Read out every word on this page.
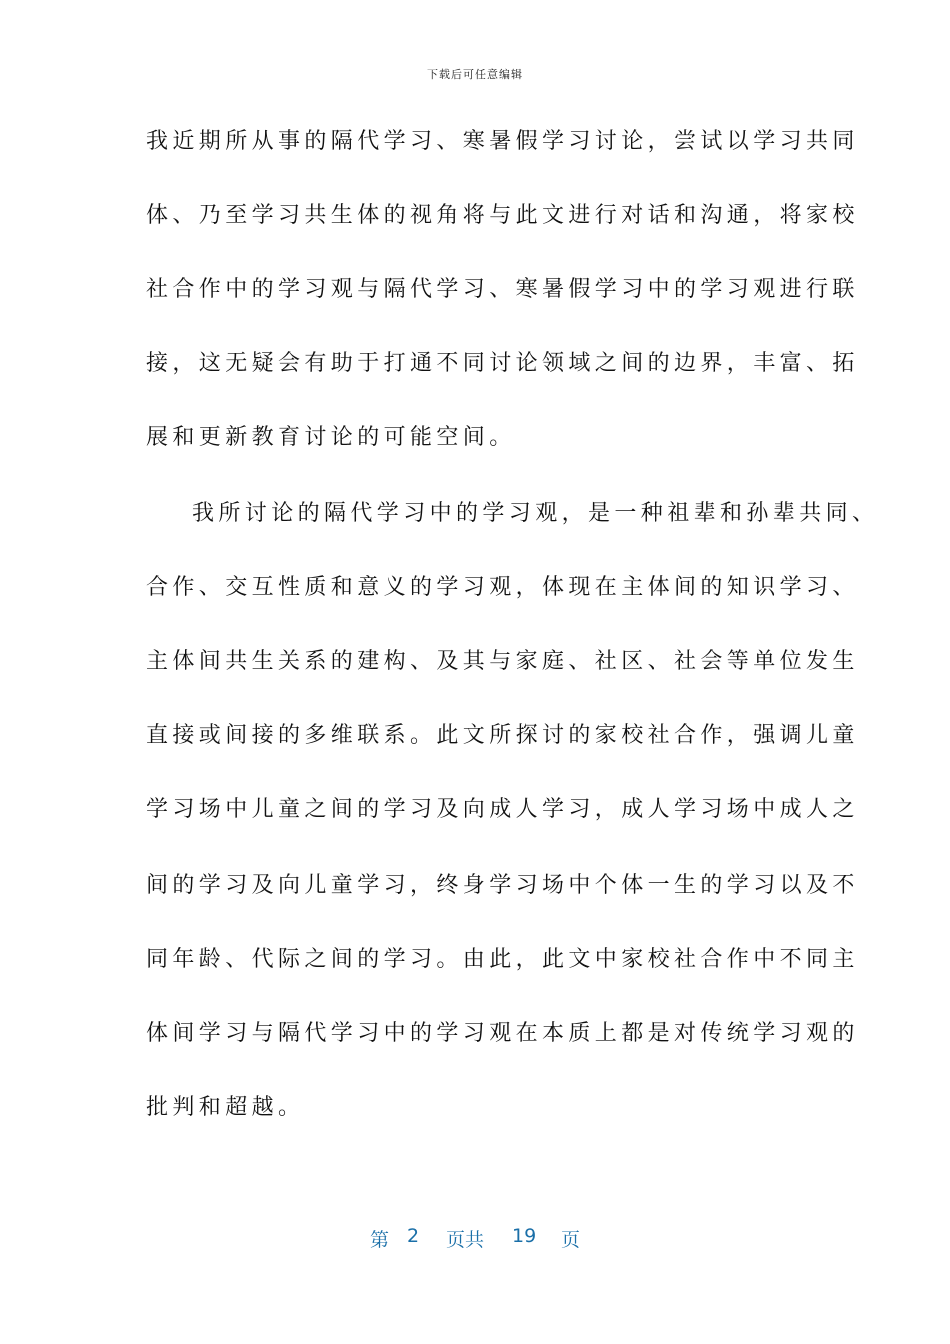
下载后可任意编辑
我近期所从事的隔代学习、寒暑假学习讨论，尝试以学习共同
体、乃至学习共生体的视角将与此文进行对话和沟通，将家校
社合作中的学习观与隔代学习、寒暑假学习中的学习观进行联
接，这无疑会有助于打通不同讨论领域之间的边界，丰富、拓
展和更新教育讨论的可能空间。
我所讨论的隔代学习中的学习观，是一种祖辈和孙辈共同、
合作、交互性质和意义的学习观，体现在主体间的知识学习、
主体间共生关系的建构、及其与家庭、社区、社会等单位发生
直接或间接的多维联系。此文所探讨的家校社合作，强调儿童
学习场中儿童之间的学习及向成人学习，成人学习场中成人之
间的学习及向儿童学习，终身学习场中个体一生的学习以及不
同年龄、代际之间的学习。由此，此文中家校社合作中不同主
体间学习与隔代学习中的学习观在本质上都是对传统学习观的
批判和超越。
第 2 页共 19 页
